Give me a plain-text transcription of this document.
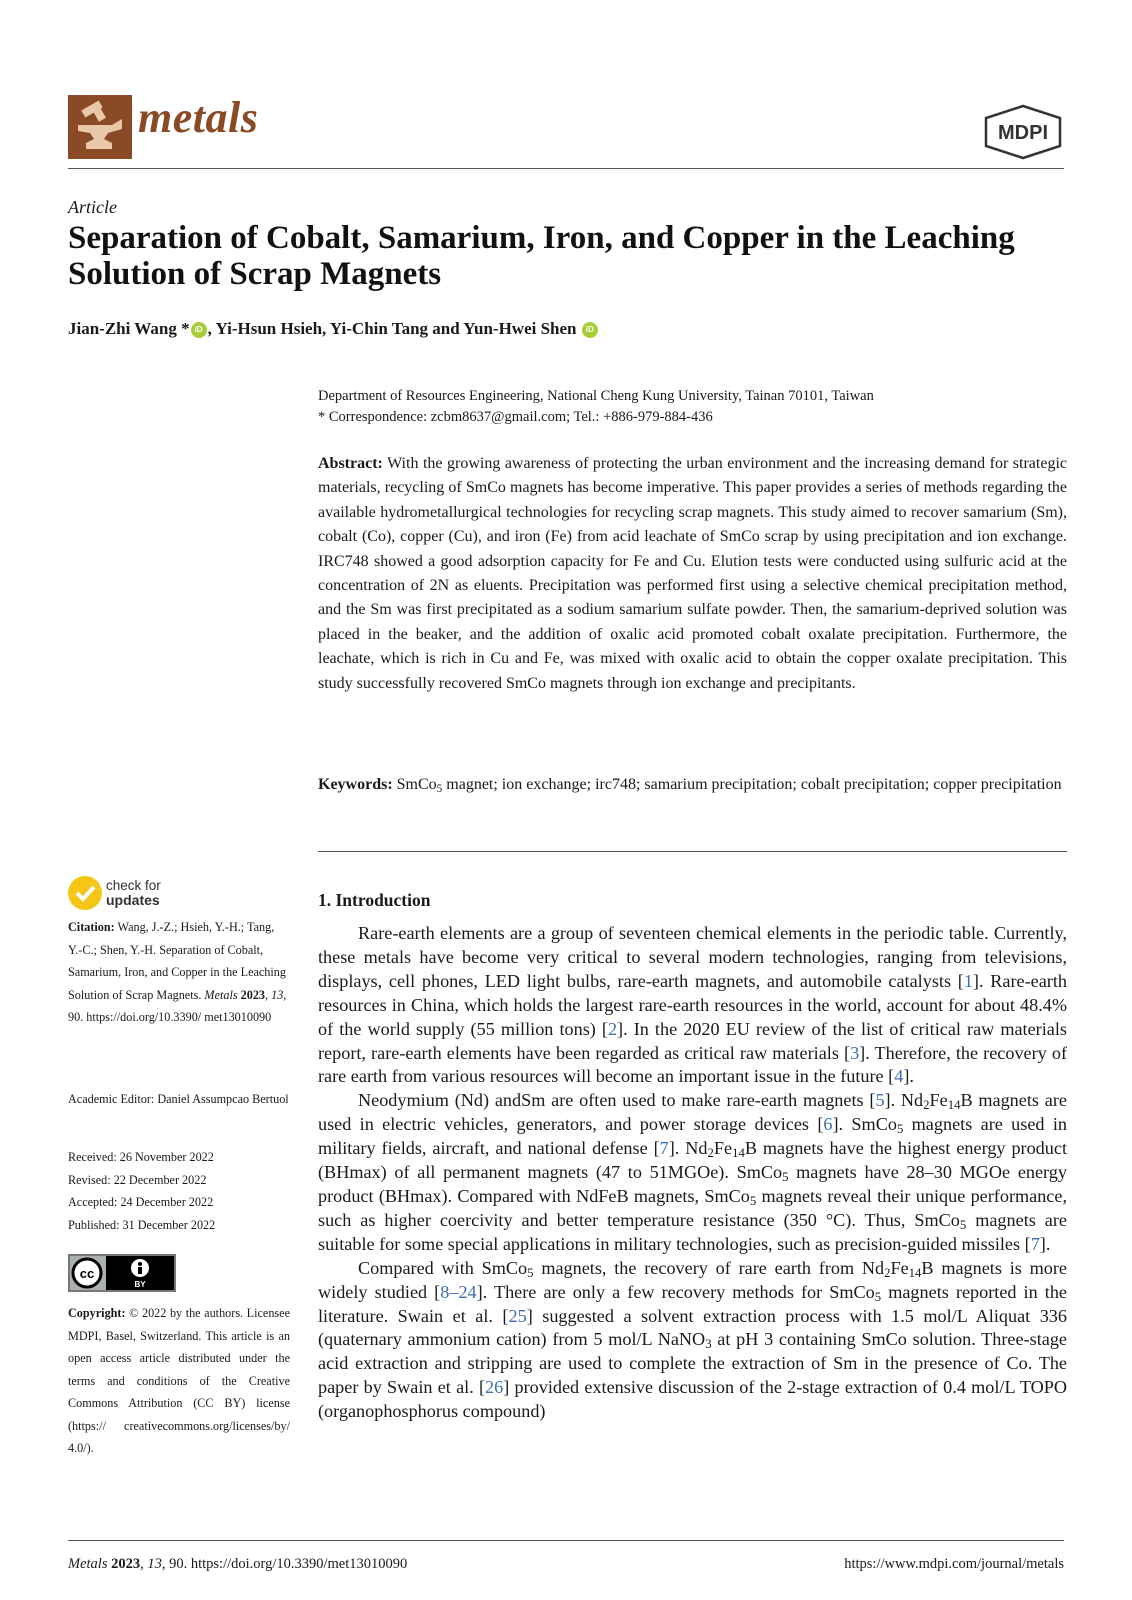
metals	MDPI
Article
Separation of Cobalt, Samarium, Iron, and Copper in the Leaching Solution of Scrap Magnets
Jian-Zhi Wang * iD , Yi-Hsun Hsieh, Yi-Chin Tang and Yun-Hwei Shen iD
Department of Resources Engineering, National Cheng Kung University, Tainan 70101, Taiwan
* Correspondence: zcbm8637@gmail.com; Tel.: +886-979-884-436
Abstract: With the growing awareness of protecting the urban environment and the increasing demand for strategic materials, recycling of SmCo magnets has become imperative. This paper provides a series of methods regarding the available hydrometallurgical technologies for recycling scrap magnets. This study aimed to recover samarium (Sm), cobalt (Co), copper (Cu), and iron (Fe) from acid leachate of SmCo scrap by using precipitation and ion exchange. IRC748 showed a good adsorption capacity for Fe and Cu. Elution tests were conducted using sulfuric acid at the concentration of 2N as eluents. Precipitation was performed first using a selective chemical precipitation method, and the Sm was first precipitated as a sodium samarium sulfate powder. Then, the samarium-deprived solution was placed in the beaker, and the addition of oxalic acid promoted cobalt oxalate precipitation. Furthermore, the leachate, which is rich in Cu and Fe, was mixed with oxalic acid to obtain the copper oxalate precipitation. This study successfully recovered SmCo magnets through ion exchange and precipitants.
Keywords: SmCo$_5$ magnet; ion exchange; irc748; samarium precipitation; cobalt precipitation; copper precipitation
check for
updates
Citation: Wang, J.-Z.; Hsieh, Y.-H.; Tang, Y.-C.; Shen, Y.-H. Separation of Cobalt, Samarium, Iron, and Copper in the Leaching Solution of Scrap Magnets. Metals 2023, 13, 90. https://doi.org/10.3390/ met13010090
Academic Editor: Daniel Assumpcao Bertuol
Received: 26 November 2022
Revised: 22 December 2022
Accepted: 24 December 2022
Published: 31 December 2022
cc
BY
Copyright: © 2022 by the authors. Licensee MDPI, Basel, Switzerland. This article is an open access article distributed under the terms and conditions of the Creative Commons Attribution (CC BY) license (https:// creativecommons.org/licenses/by/ 4.0/).
1. Introduction

Rare-earth elements are a group of seventeen chemical elements in the periodic table. Currently, these metals have become very critical to several modern technologies, ranging from televisions, displays, cell phones, LED light bulbs, rare-earth magnets, and automobile catalysts [1]. Rare-earth resources in China, which holds the largest rare-earth resources in the world, account for about 48.4% of the world supply (55 million tons) [2]. In the 2020 EU review of the list of critical raw materials report, rare-earth elements have been regarded as critical raw materials [3]. Therefore, the recovery of rare earth from various resources will become an important issue in the future [4].

Neodymium (Nd) andSm are often used to make rare-earth magnets [5]. $Nd_2Fe_{14}B$ magnets are used in electric vehicles, generators, and power storage devices [6]. SmCo$_5$ magnets are used in military fields, aircraft, and national defense [7]. $Nd_2Fe_{14}B$ magnets have the highest energy product (BHmax) of all permanent magnets (47 to 51MGOe). SmCo$_5$ magnets have 28–30 MGOe energy product (BHmax). Compared with NdFeB magnets, SmCo$_5$ magnets reveal their unique performance, such as higher coercivity and better temperature resistance (350 °C). Thus, SmCo$_5$ magnets are suitable for some special applications in military technologies, such as precision-guided missiles [7].

Compared with SmCo$_5$ magnets, the recovery of rare earth from $Nd_2Fe_{14}B$ magnets is more widely studied [8–24]. There are only a few recovery methods for SmCo$_5$ magnets reported in the literature. Swain et al. [25] suggested a solvent extraction process with 1.5 mol/L Aliquat 336 (quaternary ammonium cation) from 5 mol/L NaNO$_3$ at pH 3 containing SmCo solution. Three-stage acid extraction and stripping are used to complete the extraction of Sm in the presence of Co. The paper by Swain et al. [26] provided extensive discussion of the 2-stage extraction of 0.4 mol/L TOPO (organophosphorus compound)

Metals 2023, 13, 90. https://doi.org/10.3390/met13010090	https://www.mdpi.com/journal/metals
